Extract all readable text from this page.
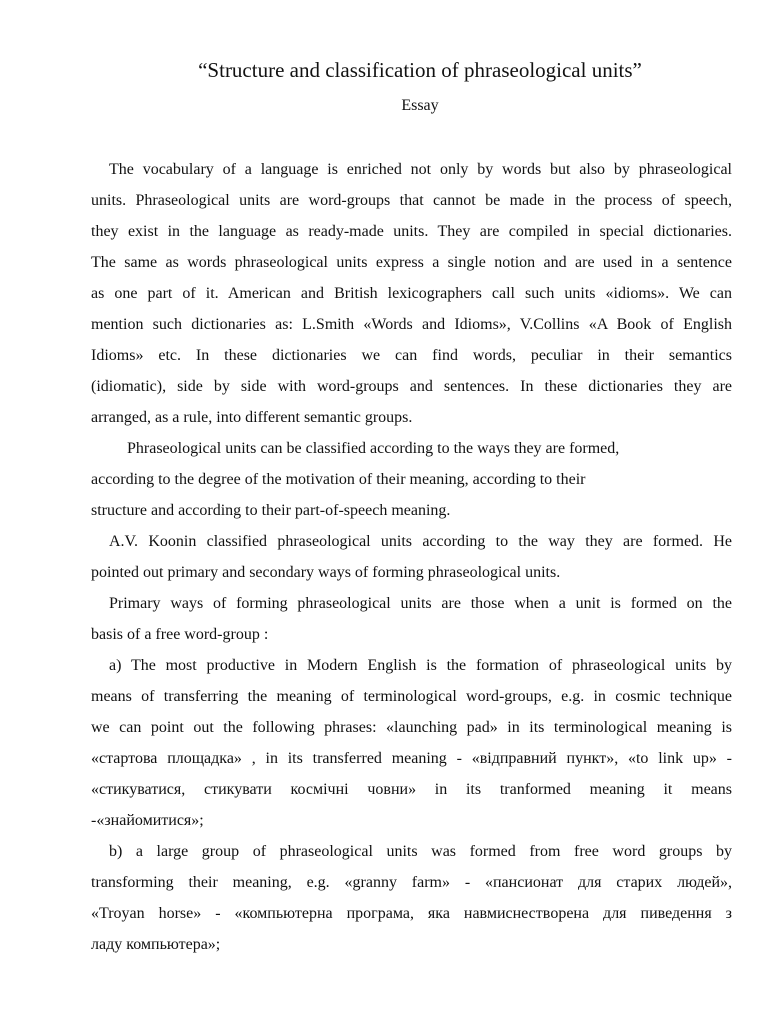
“Structure and classification of phraseological units”
Essay

The vocabulary of a language is enriched not only by words but also by phraseological
units. Phraseological units are word-groups that cannot be made in the process of speech,
they exist in the language as ready-made units. They are compiled in special dictionaries.
The same as words phraseological units express a single notion and are used in a sentence
as one part of it. American and British lexicographers call such units «idioms». We can
mention such dictionaries as: L.Smith «Words and Idioms», V.Collins «A Book of English
Idioms» etc. In these dictionaries we can find words, peculiar in their semantics
(idiomatic), side by side with word-groups and sentences. In these dictionaries they are
arranged, as a rule, into different semantic groups.

Phraseological units can be classified according to the ways they are formed,
according to the degree of the motivation of their meaning, according to their
structure and according to their part-of-speech meaning.

A.V. Koonin classified phraseological units according to the way they are formed. He
pointed out primary and secondary ways of forming phraseological units.

Primary ways of forming phraseological units are those when a unit is formed on the
basis of a free word-group :

a) The most productive in Modern English is the formation of phraseological units by
means of transferring the meaning of terminological word-groups, e.g. in cosmic technique
we can point out the following phrases: «launching pad» in its terminological meaning is
«стартова площадка» , in its transferred meaning - «відправний пункт», «to link up» -
«стикуватися, стикувати космічні човни» in its tranformed meaning it means
-«знайомитися»;

b) a large group of phraseological units was formed from free word groups by
transforming their meaning, e.g. «granny farm» - «пансионат для старих людей»,
«Troyan horse» - «компьютерна програма, яка навмиснествopена для пиведення з
ладу компьютера»;
